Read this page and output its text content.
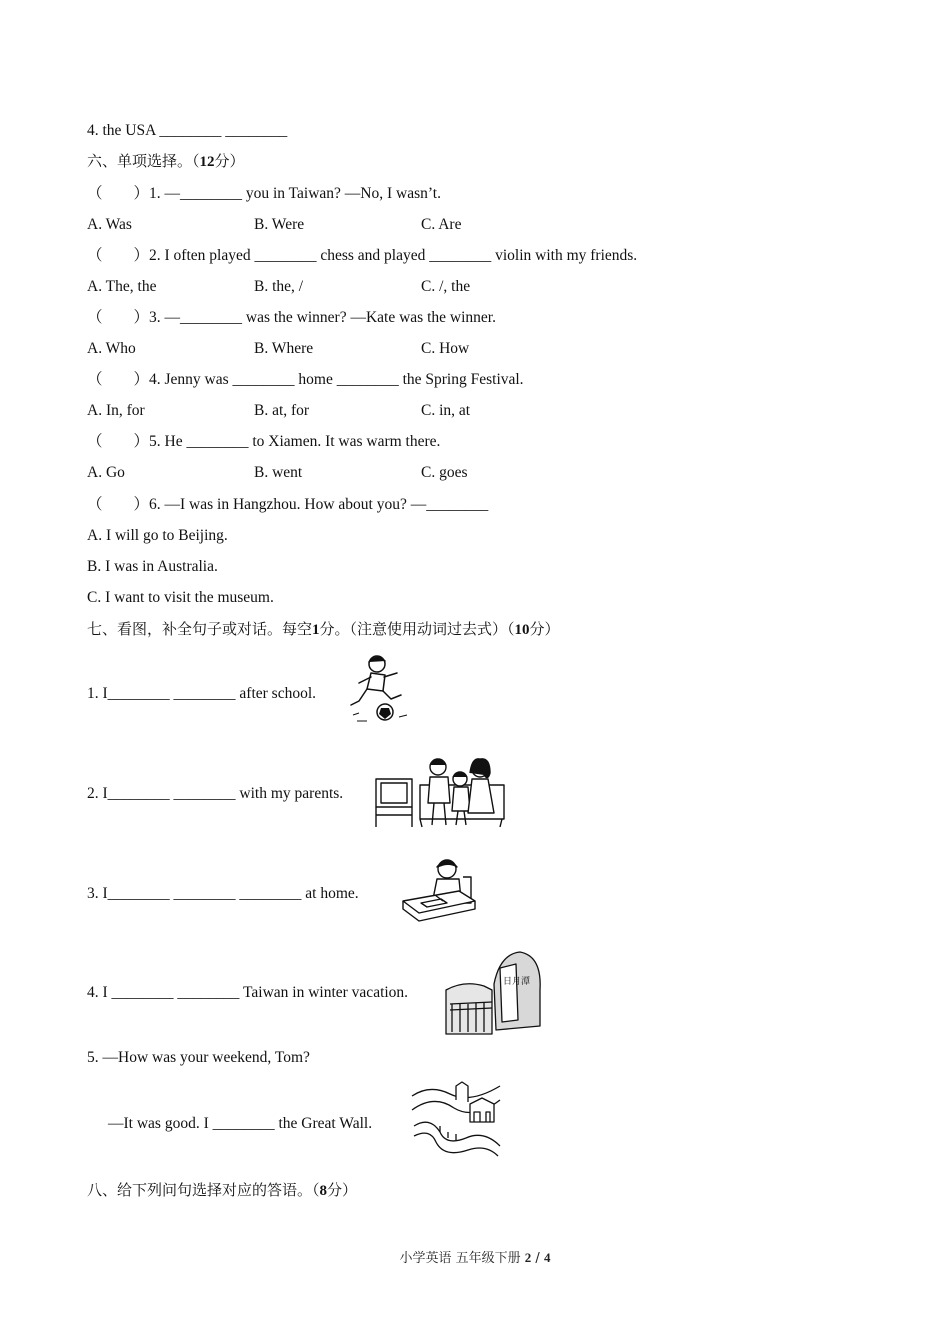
4. the USA ________ ________
六、单项选择。（12分）
（　　）1. —________ you in Taiwan? —No, I wasn’t.
A. Was	B. Were	C. Are
（　　）2. I often played ________ chess and played ________ violin with my friends.
A. The, the	B. the, /	C. /, the
（　　）3. —________ was the winner? —Kate was the winner.
A. Who	B. Where	C. How
（　　）4. Jenny was ________ home ________ the Spring Festival.
A. In, for	B. at, for	C. in, at
（　　）5. He ________ to Xiamen. It was warm there.
A. Go	B. went	C. goes
（　　）6. —I was in Hangzhou. How about you? —________
A. I will go to Beijing.
B. I was in Australia.
C. I want to visit the museum.
七、看图，补全句子或对话。每空1分。（注意使用动词过去式）（10分）
1. I________ ________ after school.
2. I________ ________ with my parents.
3. I________ ________ ________ at home.
4. I ________ ________ Taiwan in winter vacation.
日月潭
5. —How was your weekend, Tom?
—It was good. I ________ the Great Wall.
八、给下列问句选择对应的答语。（8分）
小学英语 五年级下册 2 / 4
